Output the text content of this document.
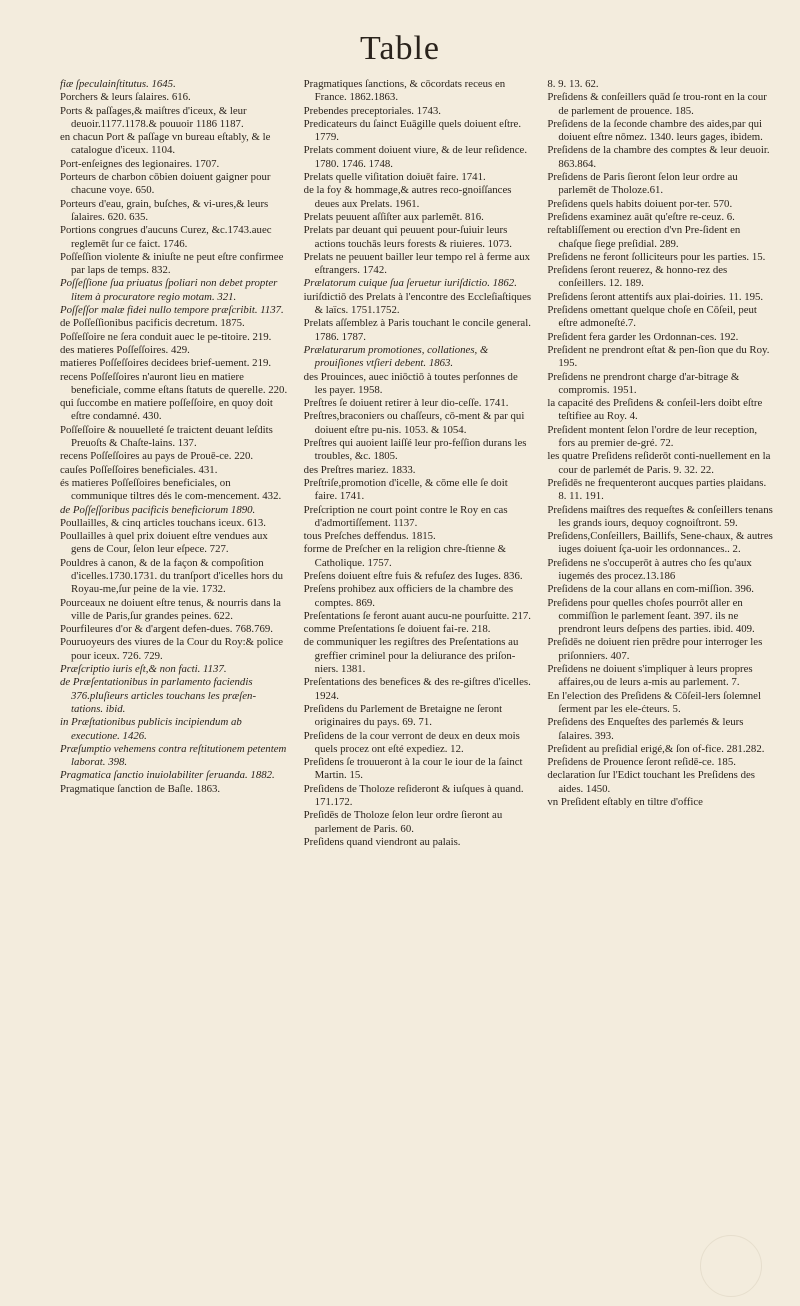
Table
fiæ ſpeculainſtitutus. 1645.
Porchers & leurs ſalaires. 616.
Ports & paſſages,& maiſtres d'iceux, & leur deuoir.1177.1178.& pouuoir 1186 1187.
en chacun Port & paſſage vn bureau eſtably, & le catalogue d'iceux. 1104.
Port-enſeignes des legionaires. 1707.
Porteurs de charbon cōbien doiuent gaigner pour chacune voye. 650.
Porteurs d'eau, grain, buſches, & vi-ures,& leurs ſalaires. 620. 635.
Portions congrues d'aucuns Curez, &c.1743.auec reglemēt ſur ce faict. 1746.
Poſſeſſion violente & iniuſte ne peut eſtre confirmee par laps de temps. 832.
Poſſeſſione ſua priuatus ſpoliari non debet propter litem à procuratore regio motam. 321.
Poſſeſſor malæ fidei nullo tempore præſcribit. 1137.
de Poſſeſſionibus pacificis decretum. 1875.
Poſſeſſoire ne ſera conduit auec le pe-titoire. 219.
des matieres Poſſeſſoires. 429.
matieres Poſſeſſoires decidees brief-uement. 219.
recens Poſſeſſoires n'auront lieu en matiere beneficiale, comme eſtans ſtatuts de querelle. 220.
qui ſuccombe en matiere poſſeſſoire, en quoy doit eſtre condamné. 430.
Poſſeſſoire & nouuelleté ſe traictent deuant leſdits Preuoſts & Chaſte-lains. 137.
recens Poſſeſſoires au pays de Prouē-ce. 220.
cauſes Poſſeſſoires beneficiales. 431.
és matieres Poſſeſſoires beneficiales, on communique tiltres dés le com-mencement. 432.
de Poſſeſſoribus pacificis beneficiorum 1890.
Poullailles, & cinq articles touchans iceux. 613.
Poullailles à quel prix doiuent eſtre vendues aux gens de Cour, ſelon leur eſpece. 727.
Pouldres à canon, & de la façon & compoſition d'icelles.1730.1731. du tranſport d'icelles hors du Royau-me,ſur peine de la vie. 1732.
Pourceaux ne doiuent eſtre tenus, & nourris dans la ville de Paris,ſur grandes peines. 622.
Pourfileures d'or & d'argent defen-dues. 768.769.
Pouruoyeurs des viures de la Cour du Roy:& police pour iceux. 726. 729.
Præſcriptio iuris eſt,& non facti. 1137.
de Præſentationibus in parlamento faciendis 376.pluſieurs articles touchans les præſen-tations. ibid.
in Præſtationibus publicis incipiendum ab executione. 1426.
Præſumptio vehemens contra reſtitutionem petentem laborat. 398.
Pragmatica ſanctio inuiolabiliter ſeruanda. 1882.
Pragmatique ſanction de Baſle. 1863.
Pragmatiques ſanctions, & cōcordats receus en France. 1862.1863.
Prebendes preceptoriales. 1743.
Predicateurs du ſainct Euāgille quels doiuent eſtre. 1779.
Prelats comment doiuent viure, & de leur reſidence. 1780. 1746. 1748.
Prelats quelle viſitation doiuēt faire. 1741.
de la foy & hommage,& autres reco-gnoiſſances deues aux Prelats. 1961.
Prelats peuuent aſſiſter aux parlemēt. 816.
Prelats par deuant qui peuuent pour-ſuiuir leurs actions touchās leurs forests & riuieres. 1073.
Prelats ne peuuent bailler leur tempo rel à ferme aux eſtrangers. 1742.
Prælatorum cuique ſua ſeruetur iuriſdictio. 1862.
iuriſdictiō des Prelats à l'encontre des Eccleſiaſtiques & laïcs. 1751.1752.
Prelats aſſemblez à Paris touchant le concile general. 1786. 1787.
Prælaturarum promotiones, collationes, & prouiſiones vtſieri debent. 1863.
des Prouinces, auec iniōctiō à toutes perſonnes de les payer. 1958.
Preſtres ſe doiuent retirer à leur dio-ceſſe. 1741.
Preſtres,braconiers ou chaſſeurs, cō-ment & par qui doiuent eſtre pu-nis. 1053. & 1054.
Preſtres qui auoient laiſſé leur pro-feſſion durans les troubles, &c. 1805.
des Preſtres mariez. 1833.
Preſtriſe,promotion d'icelle, & cōme elle ſe doit faire. 1741.
Preſcription ne court point contre le Roy en cas d'admortiſſement. 1137.
tous Preſches deffendus. 1815.
forme de Preſcher en la religion chre-ſtienne & Catholique. 1757.
Preſens doiuent eſtre fuis & refuſez des Iuges. 836.
Preſens prohibez aux officiers de la chambre des comptes. 869.
Preſentations ſe feront auant aucu-ne pourſuitte. 217.
comme Preſentations ſe doiuent fai-re. 218.
de communiquer les regiſtres des Preſentations au greffier criminel pour la deliurance des priſon-niers. 1381.
Preſentations des benefices & des re-giſtres d'icelles. 1924.
Preſidens du Parlement de Bretaigne ne ſeront originaires du pays. 69. 71.
Preſidens de la cour verront de deux en deux mois quels procez ont eſté expediez. 12.
Preſidens ſe trouueront à la cour le iour de la ſainct Martin. 15.
Preſidens de Tholoze reſideront & iuſques à quand. 171.172.
Preſidēs de Tholoze ſelon leur ordre ſieront au parlement de Paris. 60.
Preſidens quand viendront au palais.
8. 9. 13. 62.
Preſidens & conſeillers quād ſe trou-ront en la cour de parlement de prouence. 185.
Preſidens de la ſeconde chambre des aides,par qui doiuent eſtre nōmez. 1340. leurs gages, ibidem.
Preſidens de la chambre des comptes & leur deuoir. 863.864.
Preſidens de Paris ſieront ſelon leur ordre au parlemēt de Tholoze.61.
Preſidens quels habits doiuent por-ter. 570.
Preſidens examinez auāt qu'eſtre re-ceuz. 6.
reſtabliſſement ou erection d'vn Pre-ſident en chaſque ſiege preſidial. 289.
Preſidens ne feront ſolliciteurs pour les parties. 15.
Preſidens ſeront reuerez, & honno-rez des conſeillers. 12. 189.
Preſidens ſeront attentifs aux plai-doiries. 11. 195.
Preſidens omettant quelque choſe en Cōſeil, peut eſtre admoneſté.7.
Preſident fera garder les Ordonnan-ces. 192.
Preſident ne prendront eſtat & pen-ſion que du Roy. 195.
Preſidens ne prendront charge d'ar-bitrage & compromis. 1951.
la capacité des Preſidens & conſeil-lers doibt eſtre teſtifiee au Roy. 4.
Preſident montent ſelon l'ordre de leur reception, fors au premier de-gré. 72.
les quatre Preſidens reſiderōt conti-nuellement en la cour de parlemét de Paris. 9. 32. 22.
Preſidēs ne frequenteront aucques parties plaidans. 8. 11. 191.
Preſidens maiſtres des requeſtes & conſeillers tenans les grands iours, dequoy cognoiſtront. 59.
Preſidens,Conſeillers, Baillifs, Sene-chaux, & autres iuges doiuent ſça-uoir les ordonnances.. 2.
Preſidens ne s'occuperōt à autres cho ſes qu'aux iugemés des procez.13.186
Preſidens de la cour allans en com-miſſion. 396.
Preſidens pour quelles choſes pourrōt aller en commiſſion le parlement ſeant. 397. ils ne prendront leurs deſpens des parties. ibid. 409.
Preſidēs ne doiuent rien prēdre pour interroger les priſonniers. 407.
Preſidens ne doiuent s'impliquer à leurs propres affaires,ou de leurs a-mis au parlement. 7.
En l'election des Preſidens & Cōſeil-lers ſolemnel ſerment par les ele-ćteurs. 5.
Preſidens des Enqueſtes des parlemés & leurs ſalaires. 393.
Preſident au preſidial erigé,& ſon of-fice. 281.282.
Preſidens de Prouence ſeront reſidē-ce. 185.
declaration ſur l'Edict touchant les Preſidens des aides. 1450.
vn Preſident eſtably en tiltre d'office
